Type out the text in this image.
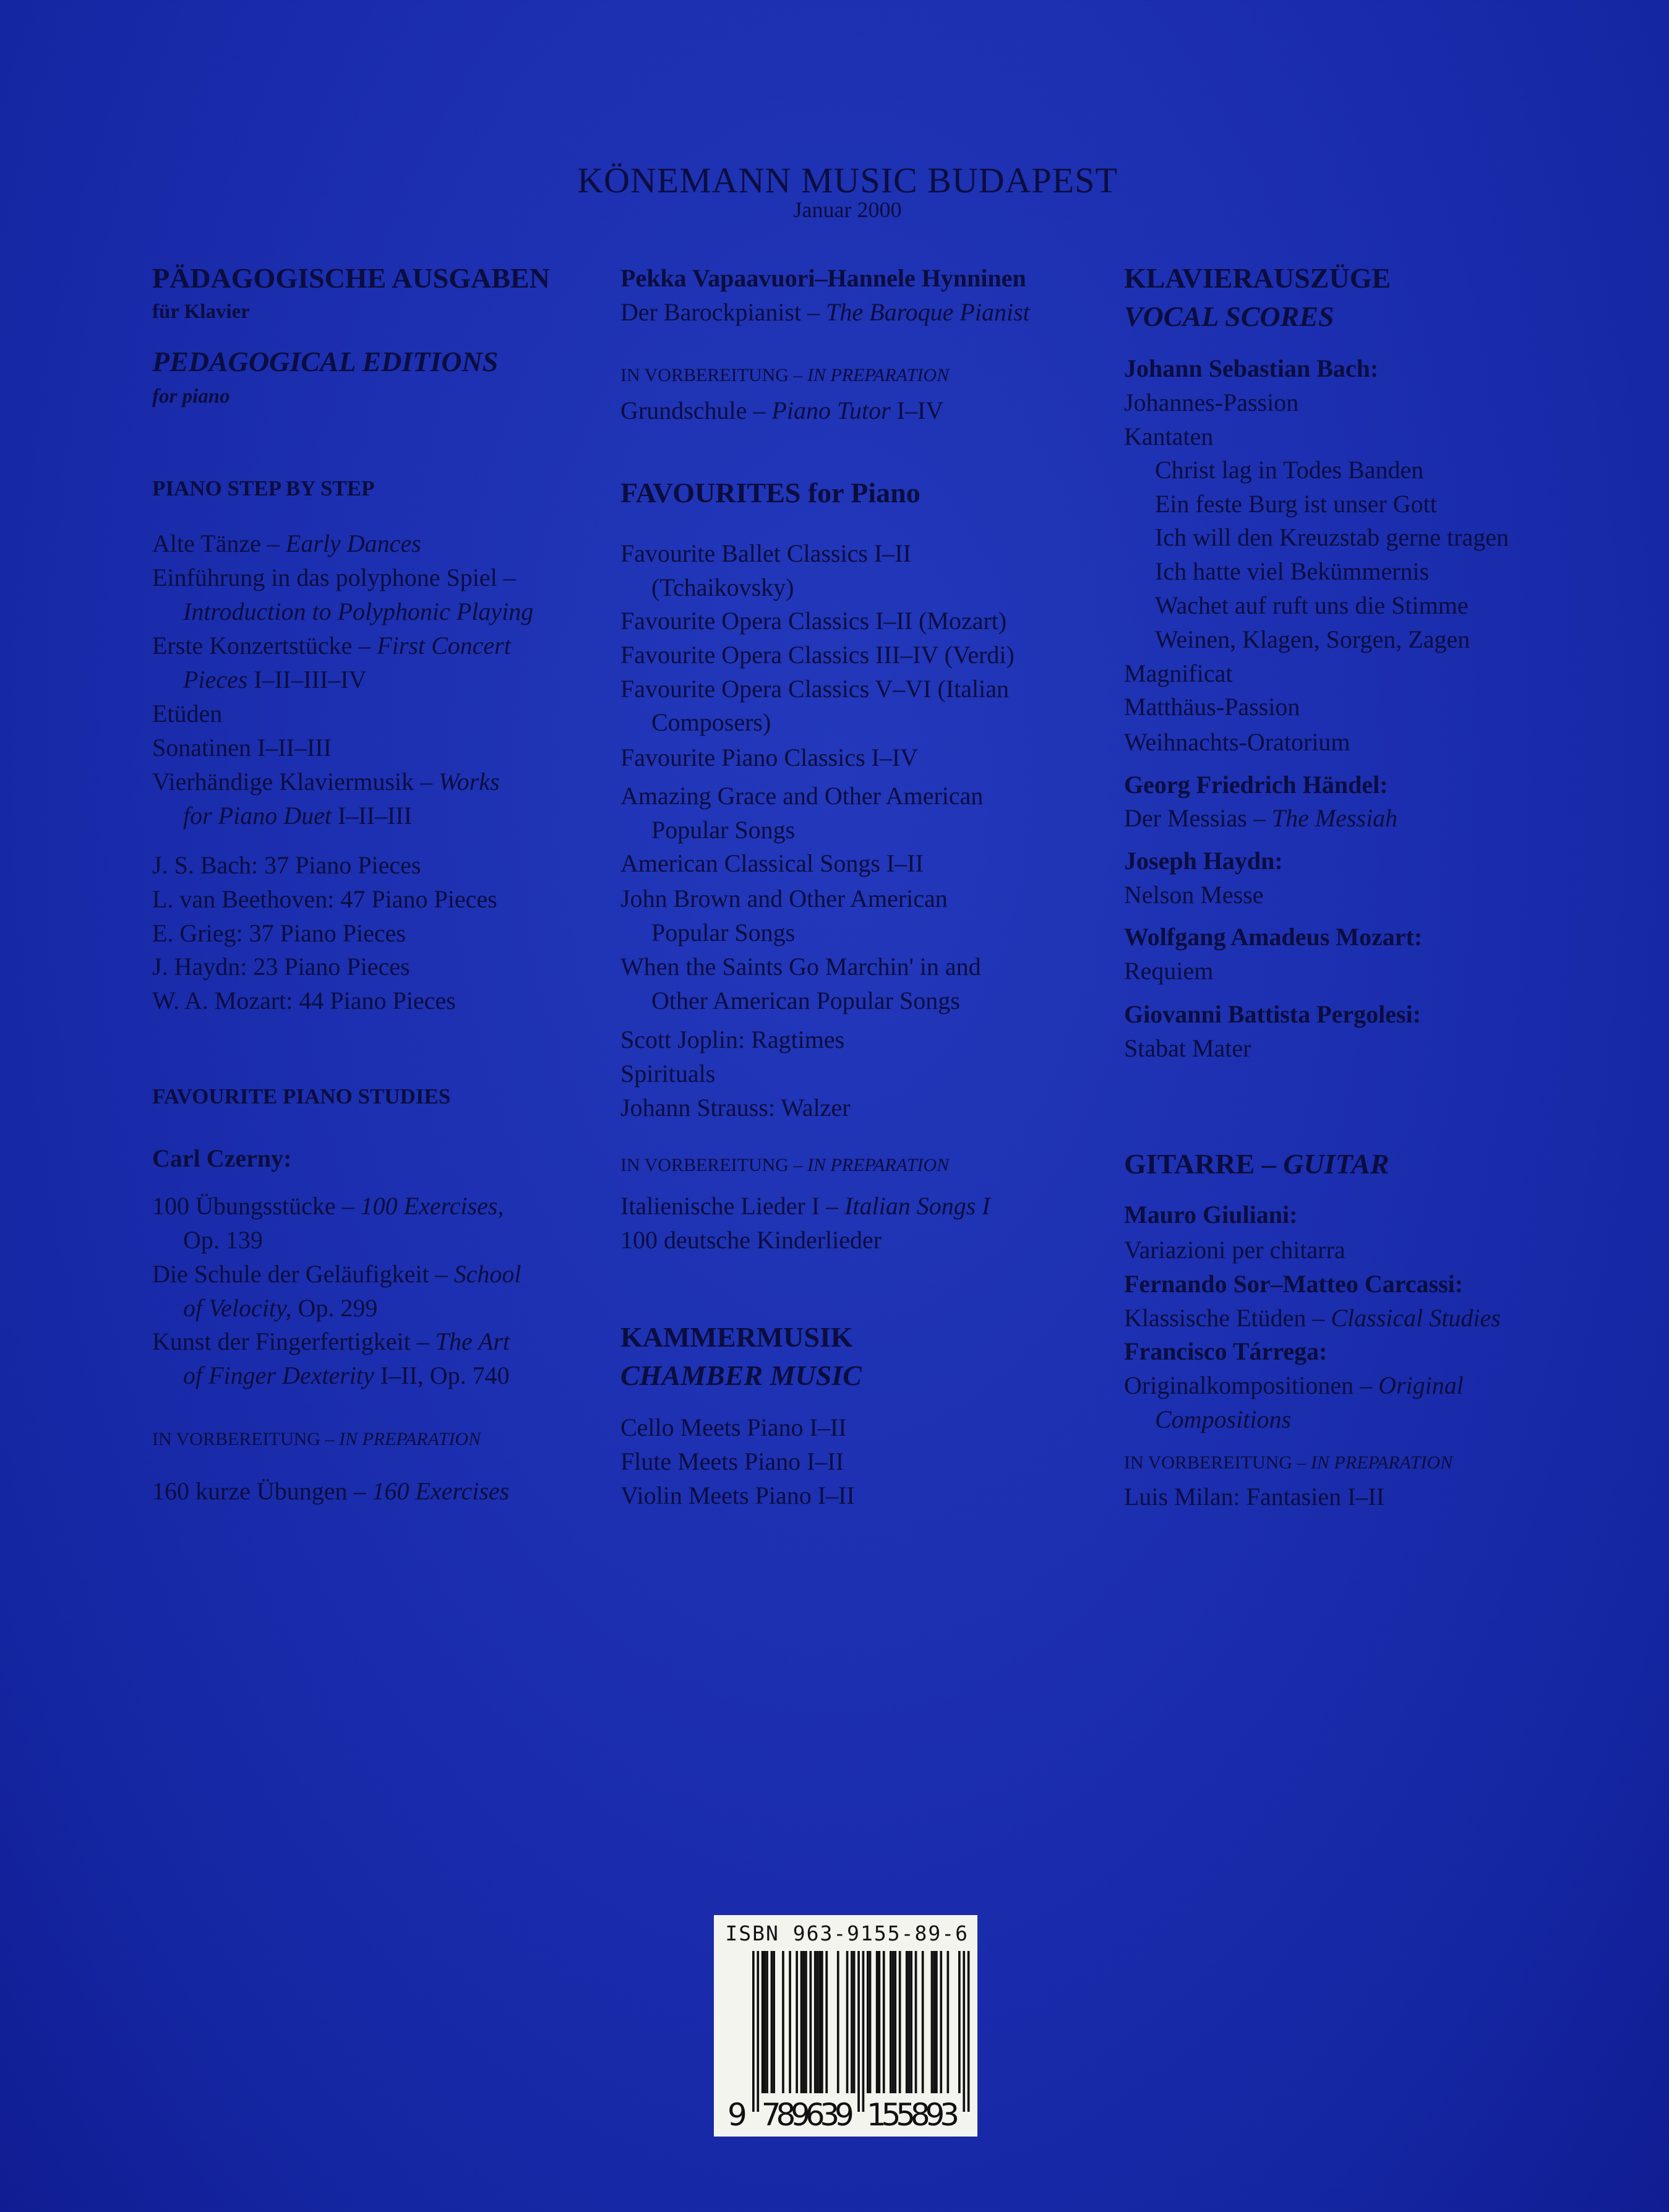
KÖNEMANN MUSIC BUDAPEST
Januar 2000
PÄDAGOGISCHE AUSGABEN
für Klavier
PEDAGOGICAL EDITIONS
for piano
PIANO STEP BY STEP
Alte Tänze – Early Dances
Einführung in das polyphone Spiel –
Introduction to Polyphonic Playing
Erste Konzertstücke – First Concert
Pieces I–II–III–IV
Etüden
Sonatinen I–II–III
Vierhändige Klaviermusik – Works
for Piano Duet I–II–III
J. S. Bach: 37 Piano Pieces
L. van Beethoven: 47 Piano Pieces
E. Grieg: 37 Piano Pieces
J. Haydn: 23 Piano Pieces
W. A. Mozart: 44 Piano Pieces
FAVOURITE PIANO STUDIES
Carl Czerny:
100 Übungsstücke – 100 Exercises,
Op. 139
Die Schule der Geläufigkeit – School
of Velocity, Op. 299
Kunst der Fingerfertigkeit – The Art
of Finger Dexterity I–II, Op. 740
IN VORBEREITUNG – IN PREPARATION
160 kurze Übungen – 160 Exercises
Pekka Vapaavuori–Hannele Hynninen
Der Barockpianist – The Baroque Pianist
IN VORBEREITUNG – IN PREPARATION
Grundschule – Piano Tutor I–IV
FAVOURITES for Piano
Favourite Ballet Classics I–II
(Tchaikovsky)
Favourite Opera Classics I–II (Mozart)
Favourite Opera Classics III–IV (Verdi)
Favourite Opera Classics V–VI (Italian
Composers)
Favourite Piano Classics I–IV
Amazing Grace and Other American
Popular Songs
American Classical Songs I–II
John Brown and Other American
Popular Songs
When the Saints Go Marchin' in and
Other American Popular Songs
Scott Joplin: Ragtimes
Spirituals
Johann Strauss: Walzer
IN VORBEREITUNG – IN PREPARATION
Italienische Lieder I – Italian Songs I
100 deutsche Kinderlieder
KAMMERMUSIK
CHAMBER MUSIC
Cello Meets Piano I–II
Flute Meets Piano I–II
Violin Meets Piano I–II
KLAVIERAUSZÜGE
VOCAL SCORES
Johann Sebastian Bach:
Johannes-Passion
Kantaten
Christ lag in Todes Banden
Ein feste Burg ist unser Gott
Ich will den Kreuzstab gerne tragen
Ich hatte viel Bekümmernis
Wachet auf ruft uns die Stimme
Weinen, Klagen, Sorgen, Zagen
Magnificat
Matthäus-Passion
Weihnachts-Oratorium
Georg Friedrich Händel:
Der Messias – The Messiah
Joseph Haydn:
Nelson Messe
Wolfgang Amadeus Mozart:
Requiem
Giovanni Battista Pergolesi:
Stabat Mater
GITARRE – GUITAR
Mauro Giuliani:
Variazioni per chitarra
Fernando Sor–Matteo Carcassi:
Klassische Etüden – Classical Studies
Francisco Tárrega:
Originalkompositionen – Original
Compositions
IN VORBEREITUNG – IN PREPARATION
Luis Milan: Fantasien I–II
ISBN 963-9155-89-6
9 789639 155893
